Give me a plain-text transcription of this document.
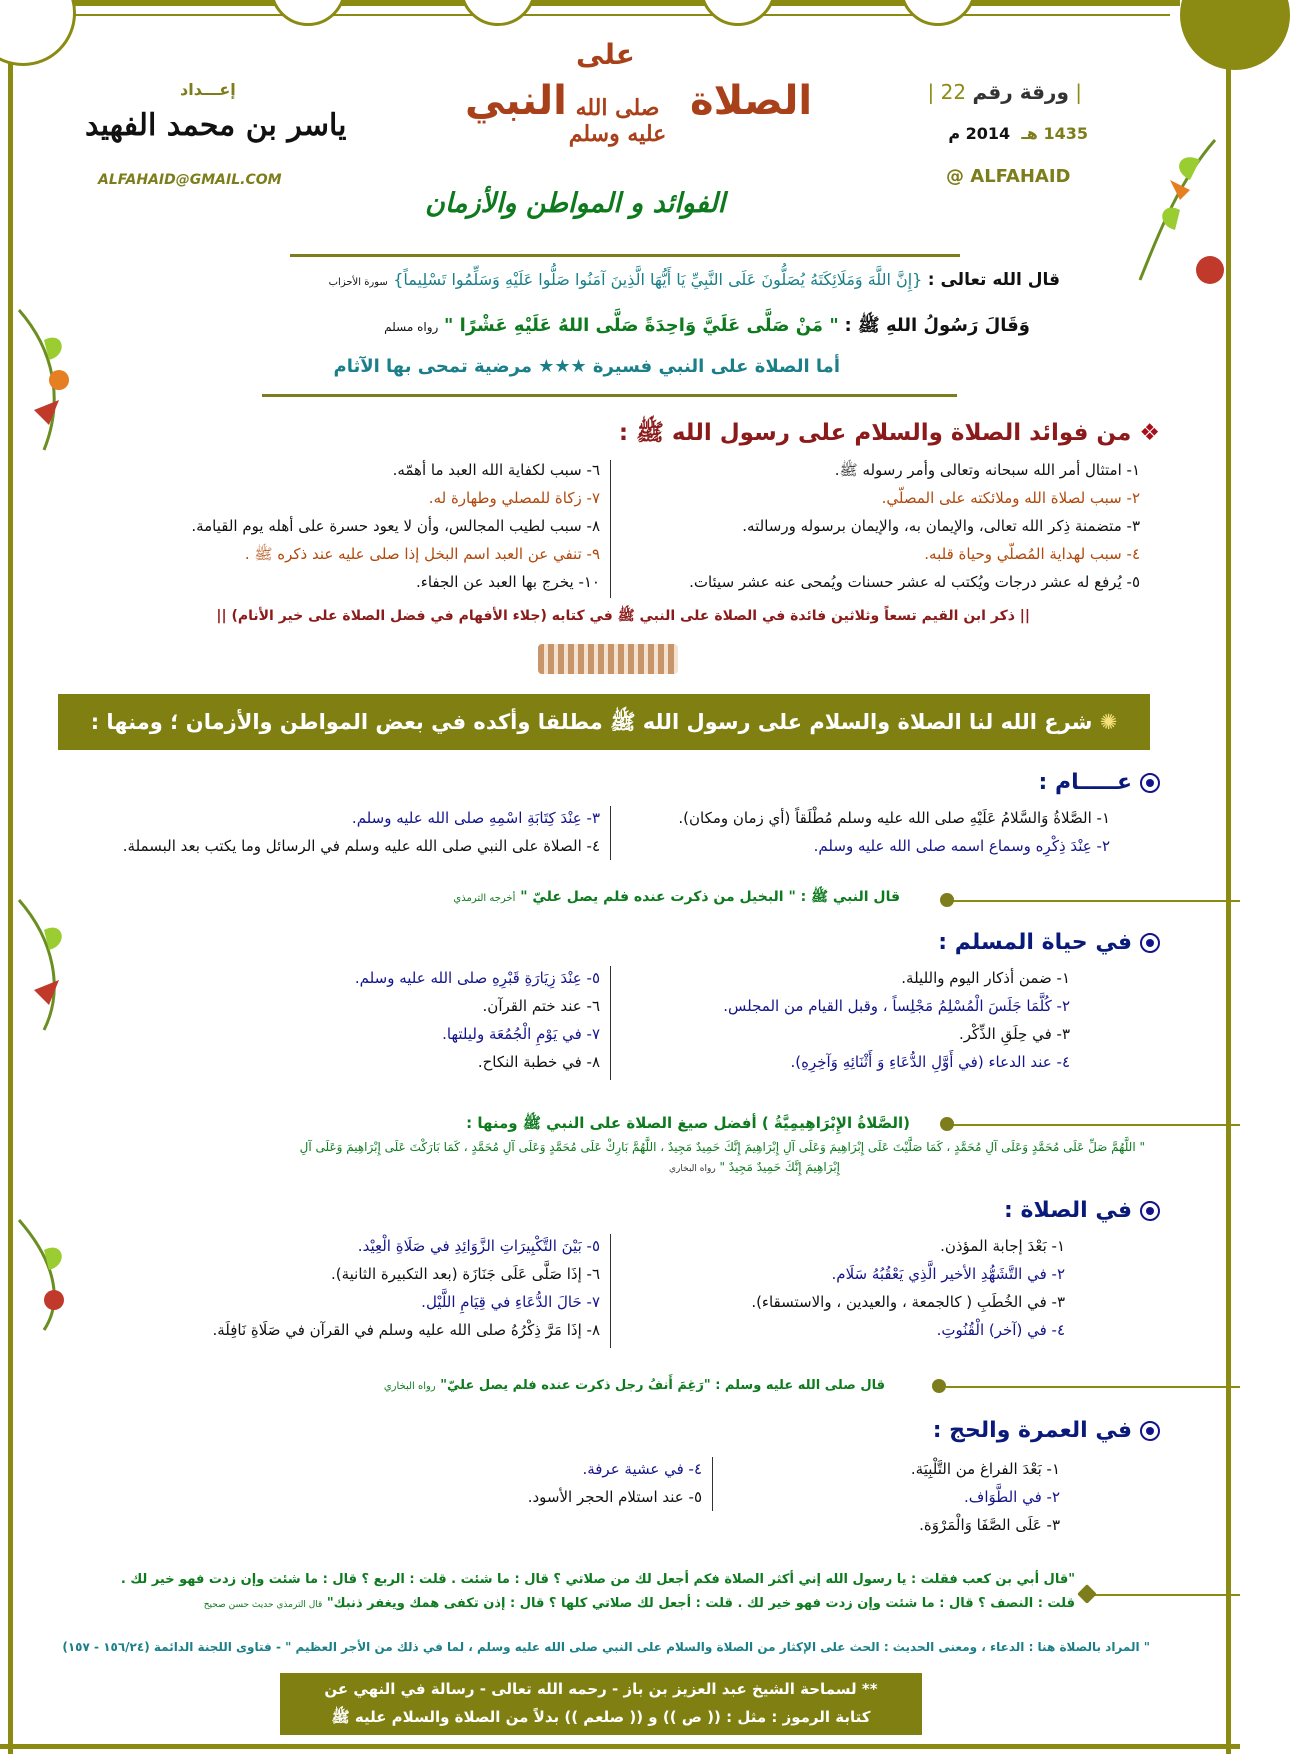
إعـــداد
ياسر بن محمد الفهيد
ALFAHAID@GMAIL.COM
على
الصلاة
النبي صلى الله عليه وسلم
الفوائد و المواطن والأزمان
| ورقة رقم 22 |
1435 هـ  2014 م
@ ALFAHAID
قال الله تعالى : {إِنَّ اللَّهَ وَمَلَائِكَتَهُ يُصَلُّونَ عَلَى النَّبِيِّ يَا أَيُّهَا الَّذِينَ آمَنُوا صَلُّوا عَلَيْهِ وَسَلِّمُوا تَسْلِيماً} سورة الأحزاب
وَقَالَ رَسُولُ اللهِ ﷺ : " مَنْ صَلَّى عَلَيَّ وَاحِدَةً صَلَّى اللهُ عَلَيْهِ عَشْرًا " رواه مسلم
أما الصلاة على النبي فسيرة ★★★ مرضية تمحى بها الآثام
❖ من فوائد الصلاة والسلام على رسول الله ﷺ :
١- امتثال أمر الله سبحانه وتعالى وأمر رسوله ﷺ.
٢- سبب لصلاة الله وملائكته على المصلّي.
٣- متضمنة ذِكر الله تعالى، والإيمان به، والإيمان برسوله ورسالته.
٤- سبب لهداية المُصلّي وحياة قلبه.
٥- يُرفع له عشر درجات ويُكتب له عشر حسنات ويُمحى عنه عشر سيئات.
٦- سبب لكفاية الله العبد ما أهمّه.
٧- زكاة للمصلي وطهارة له.
٨- سبب لطيب المجالس، وأن لا يعود حسرة على أهله يوم القيامة.
٩- تنفي عن العبد اسم البخل إذا صلى عليه عند ذكره ﷺ .
١٠- يخرج بها العبد عن الجفاء.
|| ذكر ابن القيم تسعاً وثلاثين فائدة في الصلاة على النبي ﷺ في كتابه (جلاء الأفهام في فضل الصلاة على خير الأنام) ||
✺ شرع الله لنا الصلاة والسلام على رسول الله ﷺ مطلقا وأكده في بعض المواطن والأزمان ؛ ومنها :
عـــــام :
١- الصَّلاةُ وَالسَّلامُ عَلَيْهِ صلى الله عليه وسلم مُطْلَقاً (أي زمان ومكان).
٢- عِنْدَ ذِكْرِه وسماع اسمه صلى الله عليه وسلم.
٣- عِنْدَ كِتَابَةِ اسْمِهِ صلى الله عليه وسلم.
٤- الصلاة على النبي صلى الله عليه وسلم في الرسائل وما يكتب بعد البسملة.
قال النبي ﷺ : " البخيل من ذكرت عنده فلم يصل عليّ " أخرجه الترمذي
في حياة المسلم :
١- ضمن أذكار اليوم والليلة.
٢- كُلَّمَا جَلَسَ الْمُسْلِمُ مَجْلِساً ، وقبل القيام من المجلس.
٣- في حِلَقِ الذِّكْر.
٤- عند الدعاء (في أَوَّلِ الدُّعَاءِ وَ أَثْنَائِهِ وَآخِرِهِ).
٥- عِنْدَ زِيَارَةِ قَبْرِهِ صلى الله عليه وسلم.
٦- عند ختم القرآن.
٧- في يَوْمِ الْجُمُعَة وليلتها.
٨- في خطبة النكاح.
(الصَّلاةُ الإِبْرَاهِيمِيَّةُ ) أفضل صيغ الصلاة على النبي ﷺ ومنها :
" اللَّهُمَّ صَلِّ عَلَى مُحَمَّدٍ وَعَلَى آلِ مُحَمَّدٍ ، كَمَا صَلَّيْتَ عَلَى إِبْرَاهِيمَ وَعَلَى آلِ إِبْرَاهِيمَ إِنَّكَ حَمِيدٌ مَجِيدٌ ، اللَّهُمَّ بَارِكْ عَلَى مُحَمَّدٍ وَعَلَى آلِ مُحَمَّدٍ ، كَمَا بَارَكْتَ عَلَى إِبْرَاهِيمَ وَعَلَى آلِ
إِبْرَاهِيمَ إِنَّكَ حَمِيدٌ مَجِيدٌ " رواه البخاري
في الصلاة :
١- بَعْدَ إجابة المؤذن.
٢- في التَّشَهُّدِ الأخير الَّذِي يَعْقُبُهُ سَلَام.
٣- في الخُطَبِ ( كالجمعة ، والعيدين ، والاستسقاء).
٤- في (آخر) الْقُنُوتِ.
٥- بَيْنَ التَّكْبِيرَاتِ الزَّوَائِدِ في صَلَاةِ الْعِيْد.
٦- إذَا صَلَّى عَلَى جَنَازَة (بعد التكبيرة الثانية).
٧- حَالَ الدُّعَاءِ في قِيَامِ اللَّيْل.
٨- إذَا مَرَّ ذِكْرُهُ صلى الله عليه وسلم في القرآن في صَلَاةِ نَافِلَة.
قال صلى الله عليه وسلم : "رَغِمَ أَنفُ رجل ذكرت عنده فلم يصل عليّ" رواه البخاري
في العمرة والحج :
١- بَعْدَ الفراغ من التَّلْبِيَة.
٢- في الطَّوَاف.
٣- عَلَى الصَّفَا وَالْمَرْوَة.
٤- في عشية عرفة.
٥- عند استلام الحجر الأسود.
"قال أبي بن كعب فقلت : يا رسول الله إني أكثر الصلاة فكم أجعل لك من صلاتي ؟ قال : ما شئت . قلت : الربع ؟ قال : ما شئت وإن زدت فهو خير لك .
قلت : النصف ؟ قال : ما شئت وإن زدت فهو خير لك . قلت : أجعل لك صلاتي كلها ؟ قال : إذن تكفى همك ويغفر ذنبك" قال الترمذي حديث حسن صحيح
" المراد بالصلاة هنا : الدعاء ، ومعنى الحديث : الحث على الإكثار من الصلاة والسلام على النبي صلى الله عليه وسلم ، لما في ذلك من الأجر العظيم " - فتاوى اللجنة الدائمة (١٥٦/٢٤ - ١٥٧)
** لسماحة الشيخ عبد العزيز بن باز - رحمه الله تعالى - رسالة في النهي عن
كتابة الرموز : مثل : (( ص )) و (( صلعم )) بدلاً من الصلاة والسلام عليه ﷺ
